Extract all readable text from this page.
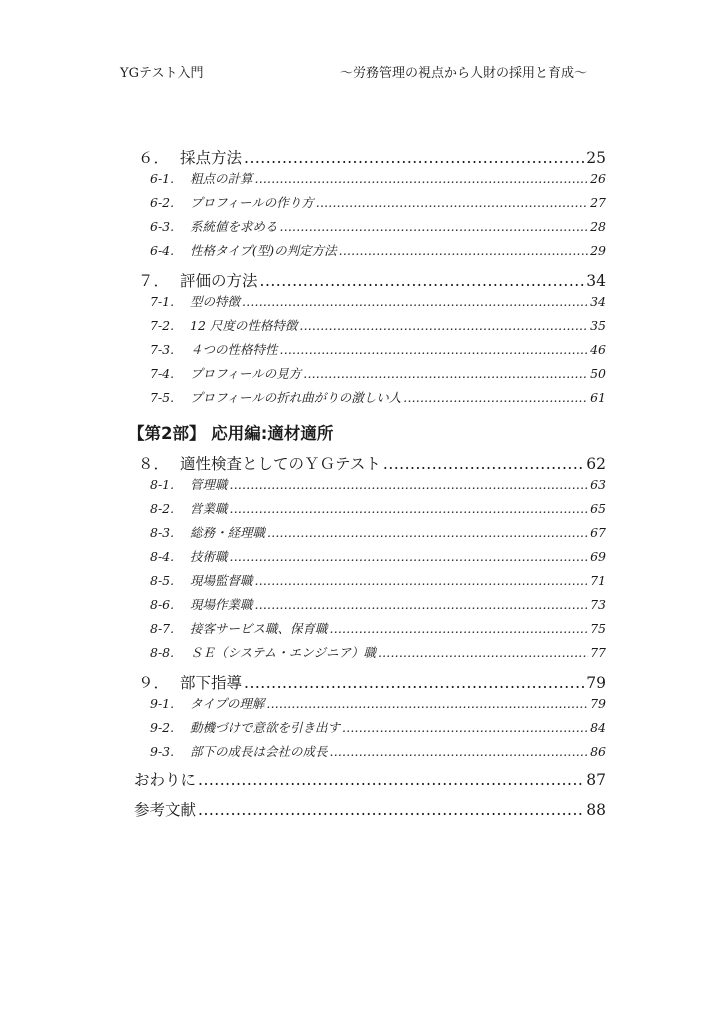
YGテスト入門	〜労務管理の視点から人財の採用と育成〜
６． 採点方法 .....	25
6-1.	粗点の計算 .....	26
6-2.	プロフィールの作り方 .....	27
6-3.	系統値を求める .....	28
6-4.	性格タイプ(型)の判定方法 .....	29
７． 評価の方法 .....	34
7-1.	型の特徴 .....	34
7-2.	12 尺度の性格特徴 .....	35
7-3.	４つの性格特性 .....	46
7-4.	プロフィールの見方 .....	50
7-5.	プロフィールの折れ曲がりの激しい人 .....	61
【第2部】 応用編:適材適所
８． 適性検査としてのＹＧテスト .....	62
8-1.	管理職 .....	63
8-2.	営業職 .....	65
8-3.	総務・経理職 .....	67
8-4.	技術職 .....	69
8-5.	現場監督職 .....	71
8-6.	現場作業職 .....	73
8-7.	接客サービス職、保育職 .....	75
8-8.	ＳＥ（システム・エンジニア）職 .....	77
９． 部下指導 .....	79
9-1.	タイプの理解 .....	79
9-2.	動機づけで意欲を引き出す .....	84
9-3.	部下の成長は会社の成長 .....	86
おわりに .....	87
参考文献 .....	88
